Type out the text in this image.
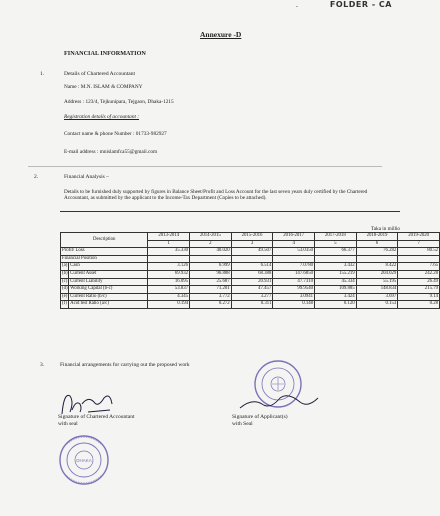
.	FOLDER - CA
Annexure -D
FINANCIAL INFORMATION
1.	Details of Chartered Accountant
Name : M.N. ISLAM & COMPANY
Address : 123/4, Tejkunipara, Tejgaon, Dhaka-1215
Registration details of accountant :
Contact name & phone Number : 01733-982927
E-mail address : mnislamfca55@gmail.com
2.	Financial Analysis –
Details to be furnished duly supported by figures in Balance Sheet/Profit and Loss Account for the last seven years duly certified by the Chartered Accountant, as submitted by the applicant to the Income-Tax Department (Copies to be attached).
Taka in millio
Description		2013-2014	2014-2015	2015-2016	2016-2017	2017-2018	2018-2019	2019-2020
		1	2	3	4	5	6	7
Profit/ Loss		35.330	40.020	49.507	53.0350	66.377	76.282	80.52
Financial Position								
(a)	Cash	3.126	6.999	6.514	7.0780	3.432	8.422	7.65
(b)	Current Asset	69.932	96.888	68.388	147.6850	155.219	204.029	242.28
(c)	Current Liability	16.095	25.687	20.931	47.7310	45.334	55.195	26.49
(d)	Working Capital (b-c)	53.837	71.201	47.457	99.9540	109.885	148.834	215.79
(e)	Current Ratio (b/c)	4.345	3.772	3.277	3.0941	3.424	3.697	9.14
(f)	Acid test Ratio (a/c)	0.194	0.272	0.311	0.148	0.120	0.153	0.28
3.	Financial arrangements for carrying out the proposed work
DHAKA
Signature of Chartered Accountant
with seal
Signature of Applicant(s)
with Seal
